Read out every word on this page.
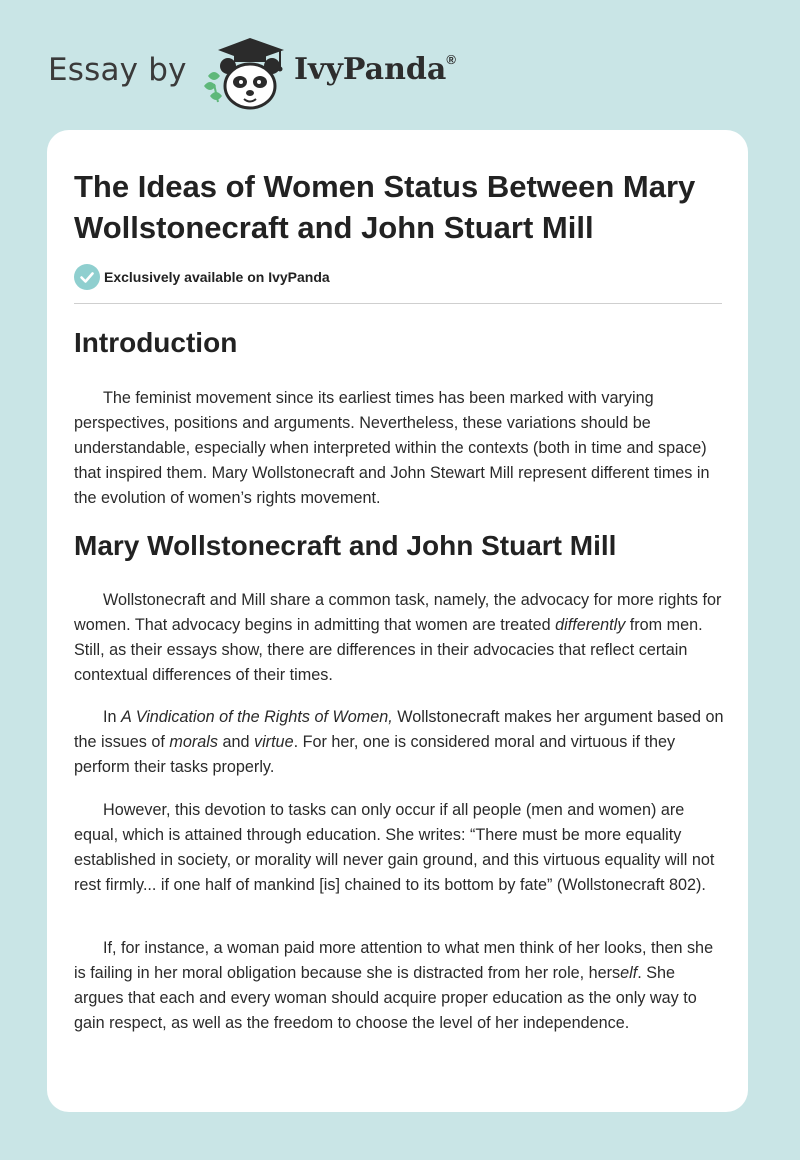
Essay by	IvyPanda®
The Ideas of Women Status Between Mary Wollstonecraft and John Stuart Mill
Exclusively available on IvyPanda
Introduction

The feminist movement since its earliest times has been marked with varying perspectives, positions and arguments. Nevertheless, these variations should be understandable, especially when interpreted within the contexts (both in time and space) that inspired them. Mary Wollstonecraft and John Stewart Mill represent different times in the evolution of women’s rights movement.

Mary Wollstonecraft and John Stuart Mill

Wollstonecraft and Mill share a common task, namely, the advocacy for more rights for women. That advocacy begins in admitting that women are treated differently from men. Still, as their essays show, there are differences in their advocacies that reflect certain contextual differences of their times.

In A Vindication of the Rights of Women, Wollstonecraft makes her argument based on the issues of morals and virtue. For her, one is considered moral and virtuous if they perform their tasks properly.

However, this devotion to tasks can only occur if all people (men and women) are equal, which is attained through education. She writes: “There must be more equality established in society, or morality will never gain ground, and this virtuous equality will not rest firmly... if one half of mankind [is] chained to its bottom by fate” (Wollstonecraft 802).

If, for instance, a woman paid more attention to what men think of her looks, then she is failing in her moral obligation because she is distracted from her role, herself. She argues that each and every woman should acquire proper education as the only way to gain respect, as well as the freedom to choose the level of her independence.
